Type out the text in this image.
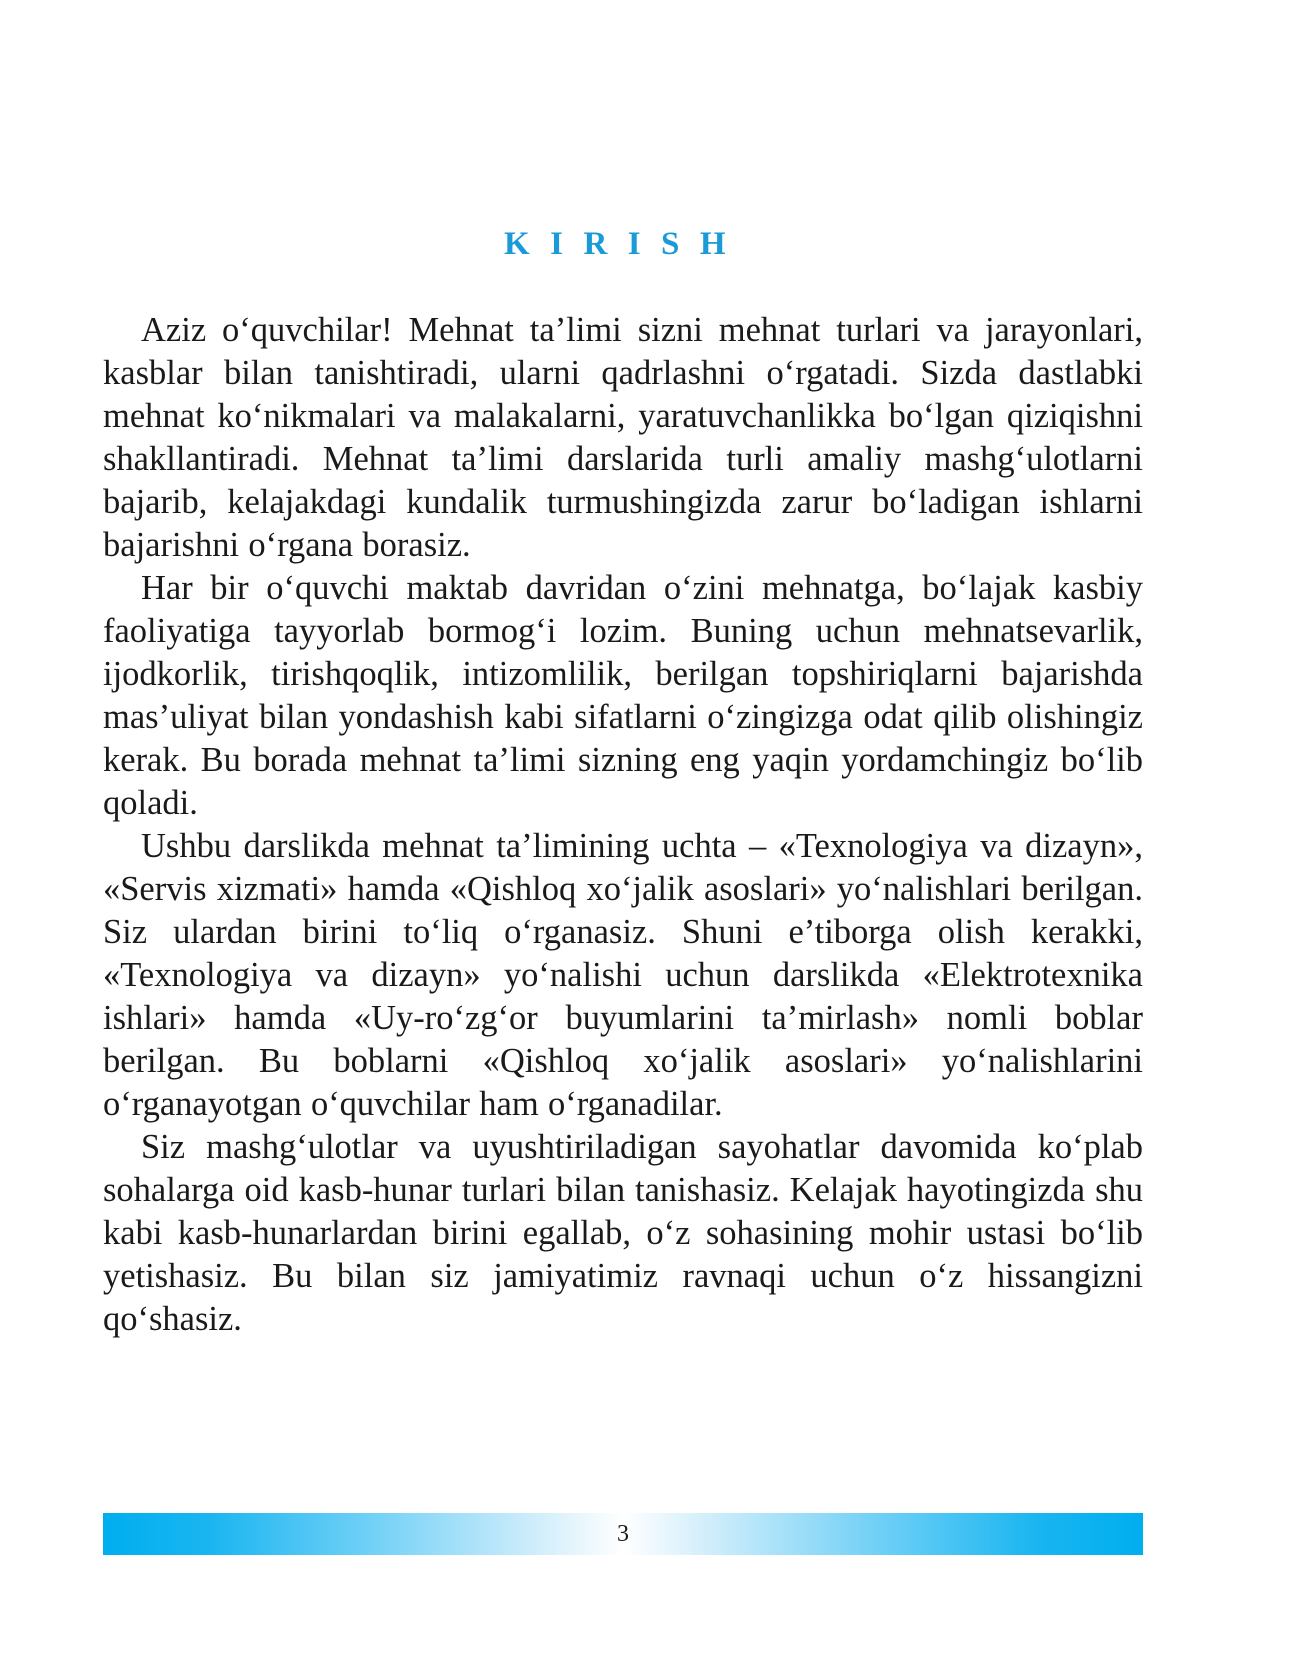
KIRISH

Aziz o‘quvchilar! Mehnat ta’limi sizni mehnat turlari va jarayonlari, kasblar bilan tanishtiradi, ularni qadrlashni o‘rgatadi. Sizda dastlabki mehnat ko‘nikmalari va malakalarni, yaratuvchanlikka bo‘lgan qiziqishni shakllantiradi. Mehnat ta’limi darslarida turli amaliy mashg‘ulotlarni bajarib, kelajakdagi kundalik turmushingizda zarur bo‘ladigan ishlarni bajarishni o‘rgana borasiz.

Har bir o‘quvchi maktab davridan o‘zini mehnatga, bo‘lajak kasbiy faoliyatiga tayyorlab bormog‘i lozim. Buning uchun mehnatsevarlik, ijodkorlik, tirishqoqlik, intizomlilik, berilgan topshiriqlarni bajarishda mas’uliyat bilan yondashish kabi sifatlarni o‘zingizga odat qilib olishingiz kerak. Bu borada mehnat ta’limi sizning eng yaqin yordamchingiz bo‘lib qoladi.

Ushbu darslikda mehnat ta’limining uchta – «Texnologiya va dizayn», «Servis xizmati» hamda «Qishloq xo‘jalik asoslari» yo‘nalishlari berilgan. Siz ulardan birini to‘liq o‘rganasiz. Shuni e’tiborga olish kerakki, «Texnologiya va dizayn» yo‘nalishi uchun darslikda «Elektrotexnika ishlari» hamda «Uy-ro‘zg‘or buyumlarini ta’mirlash» nomli boblar berilgan. Bu boblarni «Qishloq xo‘jalik asoslari» yo‘nalishlarini o‘rganayotgan o‘quvchilar ham o‘rganadilar.

Siz mashg‘ulotlar va uyushtiriladigan sayohatlar davomida ko‘plab sohalarga oid kasb-hunar turlari bilan tanishasiz. Kelajak hayotingizda shu kabi kasb-hunarlardan birini egallab, o‘z sohasining mohir ustasi bo‘lib yetishasiz. Bu bilan siz jamiyatimiz ravnaqi uchun o‘z hissangizni qo‘shasiz.

3
